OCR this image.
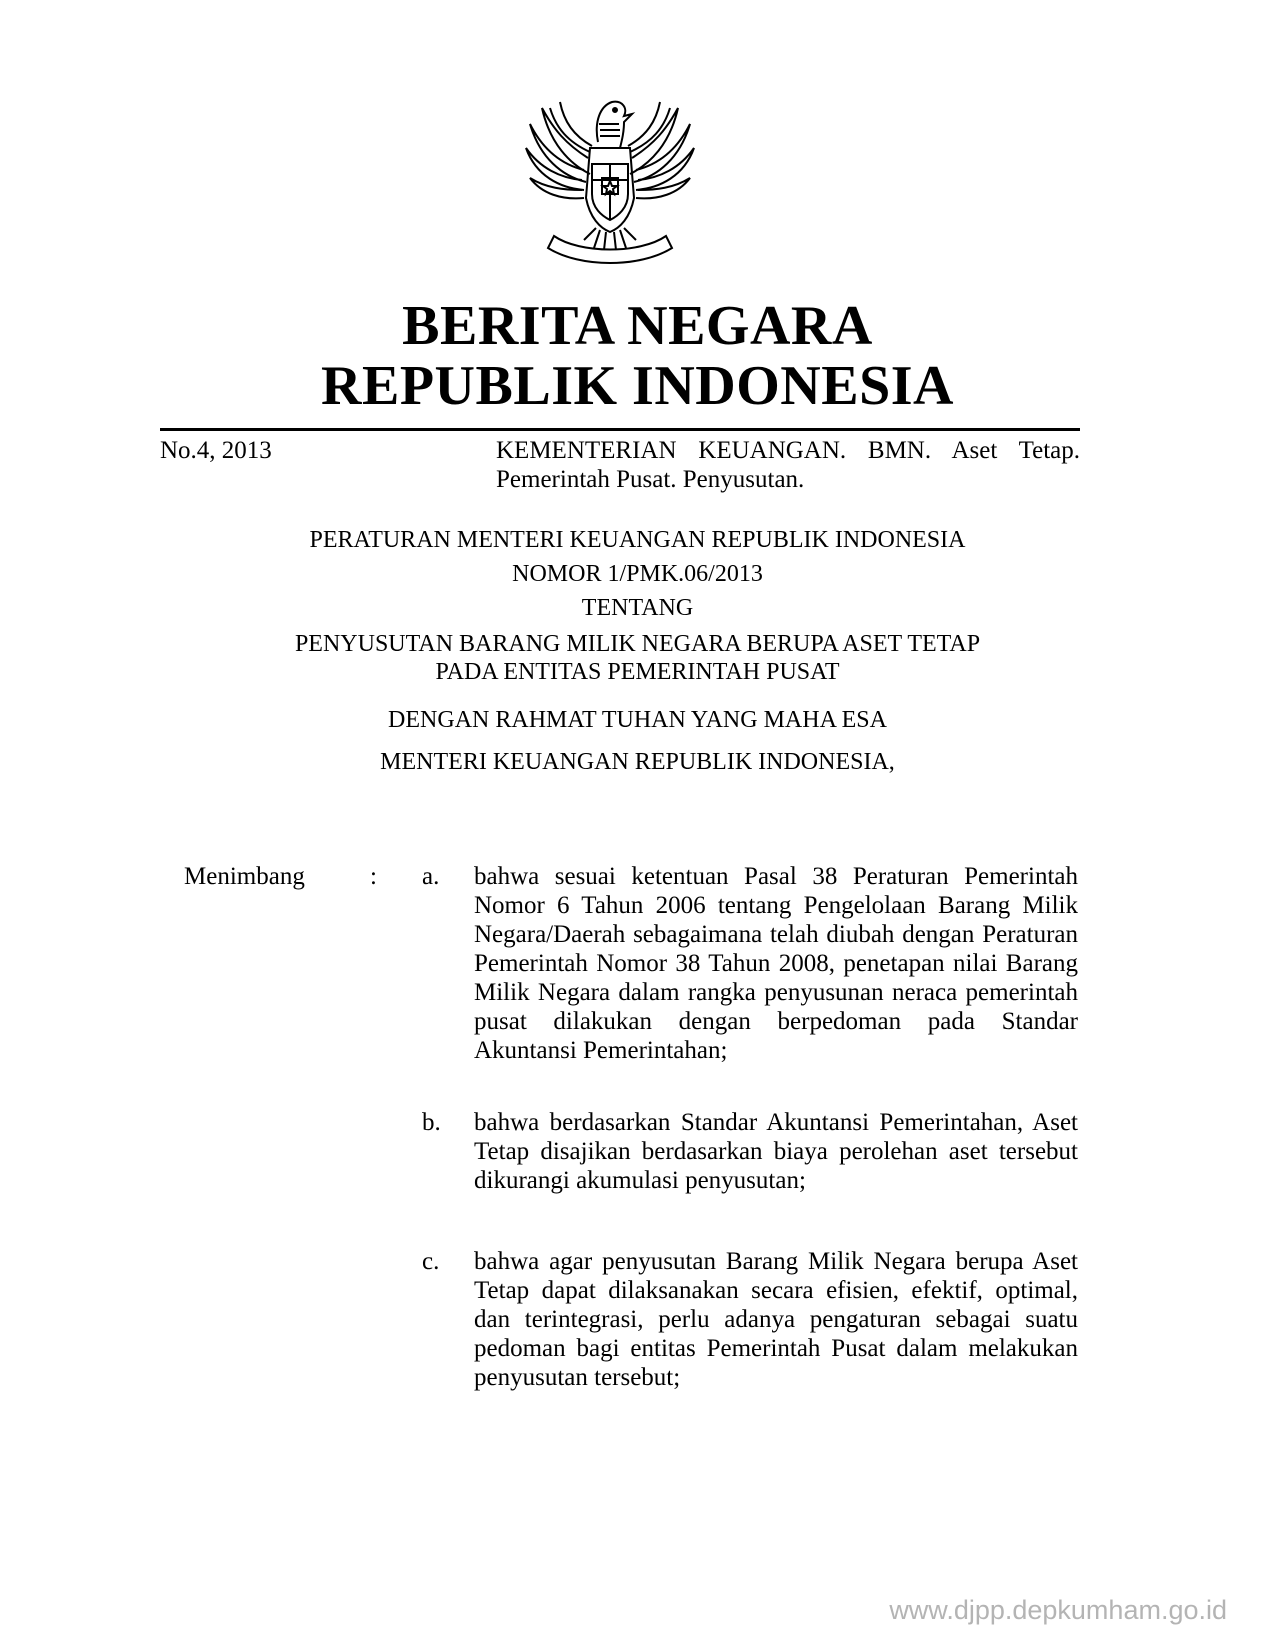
BERITA NEGARA
REPUBLIK INDONESIA
No.4, 2013	KEMENTERIAN KEUANGAN. BMN. Aset Tetap.
Pemerintah Pusat. Penyusutan.
PERATURAN MENTERI KEUANGAN REPUBLIK INDONESIA
NOMOR 1/PMK.06/2013
TENTANG
PENYUSUTAN BARANG MILIK NEGARA BERUPA ASET TETAP
PADA ENTITAS PEMERINTAH PUSAT
DENGAN RAHMAT TUHAN YANG MAHA ESA
MENTERI KEUANGAN REPUBLIK INDONESIA,
Menimbang	: a. bahwa sesuai ketentuan Pasal 38 Peraturan Pemerintah Nomor 6 Tahun 2006 tentang Pengelolaan Barang Milik Negara/Daerah sebagaimana telah diubah dengan Peraturan Pemerintah Nomor 38 Tahun 2008, penetapan nilai Barang Milik Negara dalam rangka penyusunan neraca pemerintah pusat dilakukan dengan berpedoman pada Standar Akuntansi Pemerintahan;

b. bahwa berdasarkan Standar Akuntansi Pemerintahan, Aset Tetap disajikan berdasarkan biaya perolehan aset tersebut dikurangi akumulasi penyusutan;

c. bahwa agar penyusutan Barang Milik Negara berupa Aset Tetap dapat dilaksanakan secara efisien, efektif, optimal, dan terintegrasi, perlu adanya pengaturan sebagai suatu pedoman bagi entitas Pemerintah Pusat dalam melakukan penyusutan tersebut;

www.djpp.depkumham.go.id
